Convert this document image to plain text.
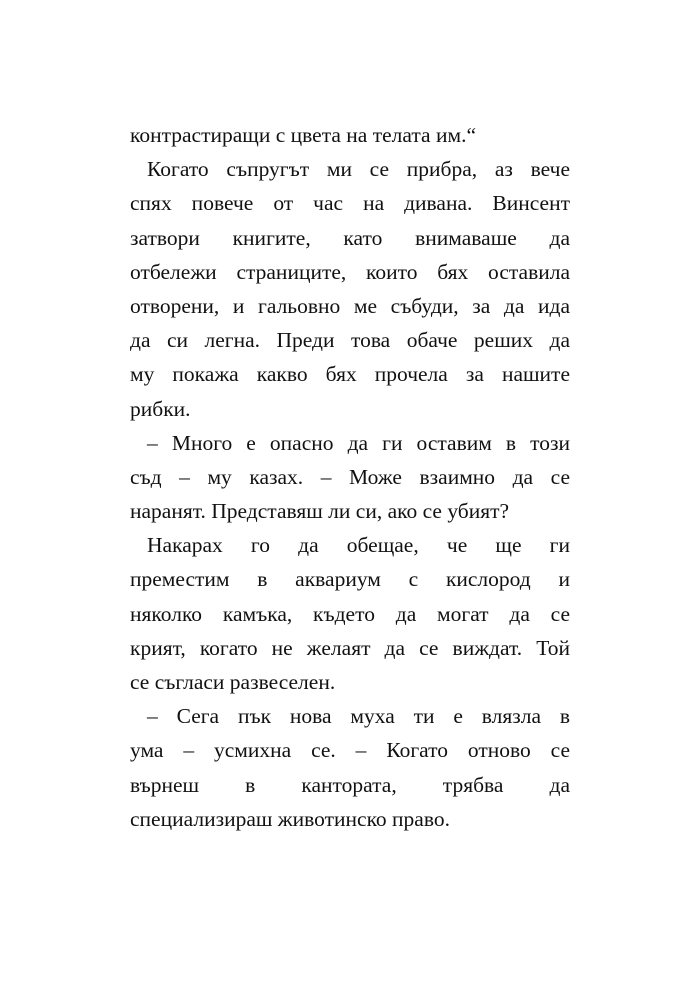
контрастиращи с цвета на телата им.“
Когато съпругът ми се прибра, аз вече
спях повече от час на дивана. Винсент
затвори книгите, като внимаваше да
отбележи страниците, които бях оставила
отворени, и гальовно ме събуди, за да ида
да си легна. Преди това обаче реших да
му покажа какво бях прочела за нашите
рибки.
– Много е опасно да ги оставим в този
съд – му казах. – Може взаимно да се
наранят. Представяш ли си, ако се убият?
Накарах го да обещае, че ще ги
преместим в аквариум с кислород и
няколко камъка, където да могат да се
крият, когато не желаят да се виждат. Той
се съгласи развеселен.
– Сега пък нова муха ти е влязла в
ума – усмихна се. – Когато отново се
върнеш в кантората, трябва да
специализираш животинско право.
